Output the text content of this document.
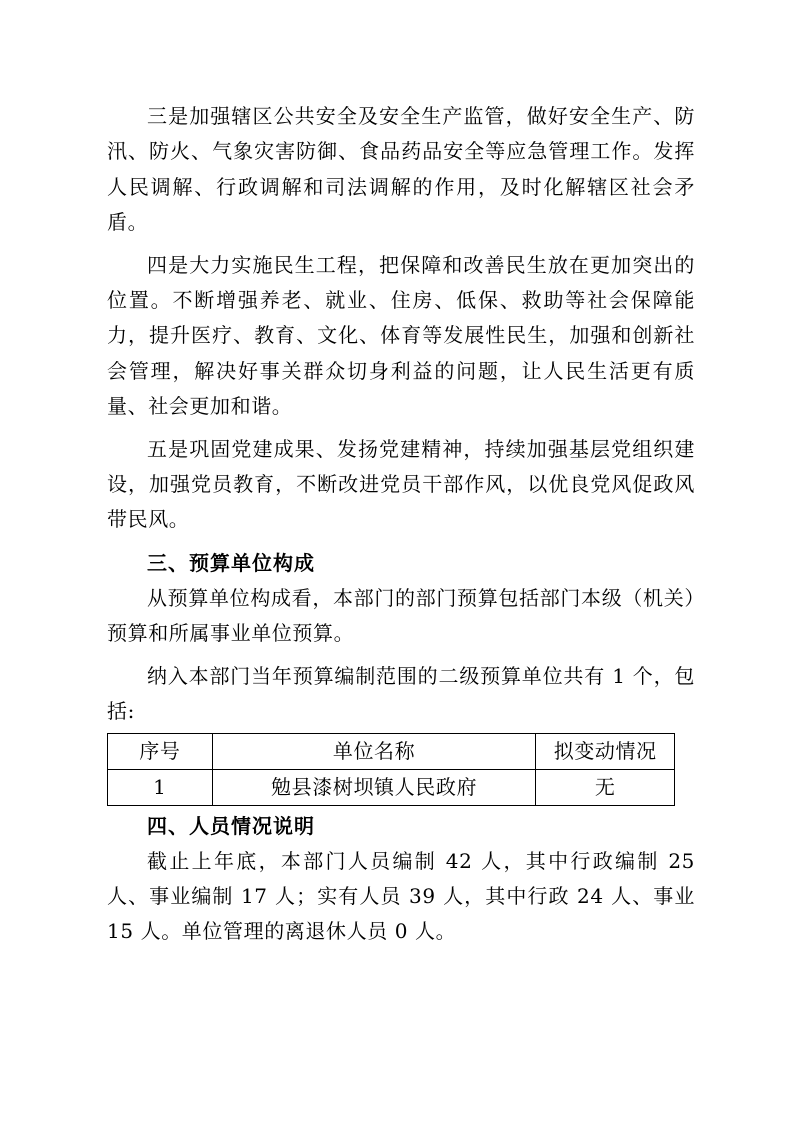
三是加强辖区公共安全及安全生产监管，做好安全生产、防汛、防火、气象灾害防御、食品药品安全等应急管理工作。发挥人民调解、行政调解和司法调解的作用，及时化解辖区社会矛盾。

四是大力实施民生工程，把保障和改善民生放在更加突出的位置。不断增强养老、就业、住房、低保、救助等社会保障能力，提升医疗、教育、文化、体育等发展性民生，加强和创新社会管理，解决好事关群众切身利益的问题，让人民生活更有质量、社会更加和谐。

五是巩固党建成果、发扬党建精神，持续加强基层党组织建设，加强党员教育，不断改进党员干部作风，以优良党风促政风带民风。

三、预算单位构成

从预算单位构成看，本部门的部门预算包括部门本级（机关）预算和所属事业单位预算。

纳入本部门当年预算编制范围的二级预算单位共有 1 个，包括:

序号	单位名称	拟变动情况
1	勉县漆树坝镇人民政府	无
四、人员情况说明

截止上年底，本部门人员编制 42 人，其中行政编制 25 人、事业编制 17 人；实有人员 39 人，其中行政 24 人、事业 15 人。单位管理的离退休人员 0 人。
